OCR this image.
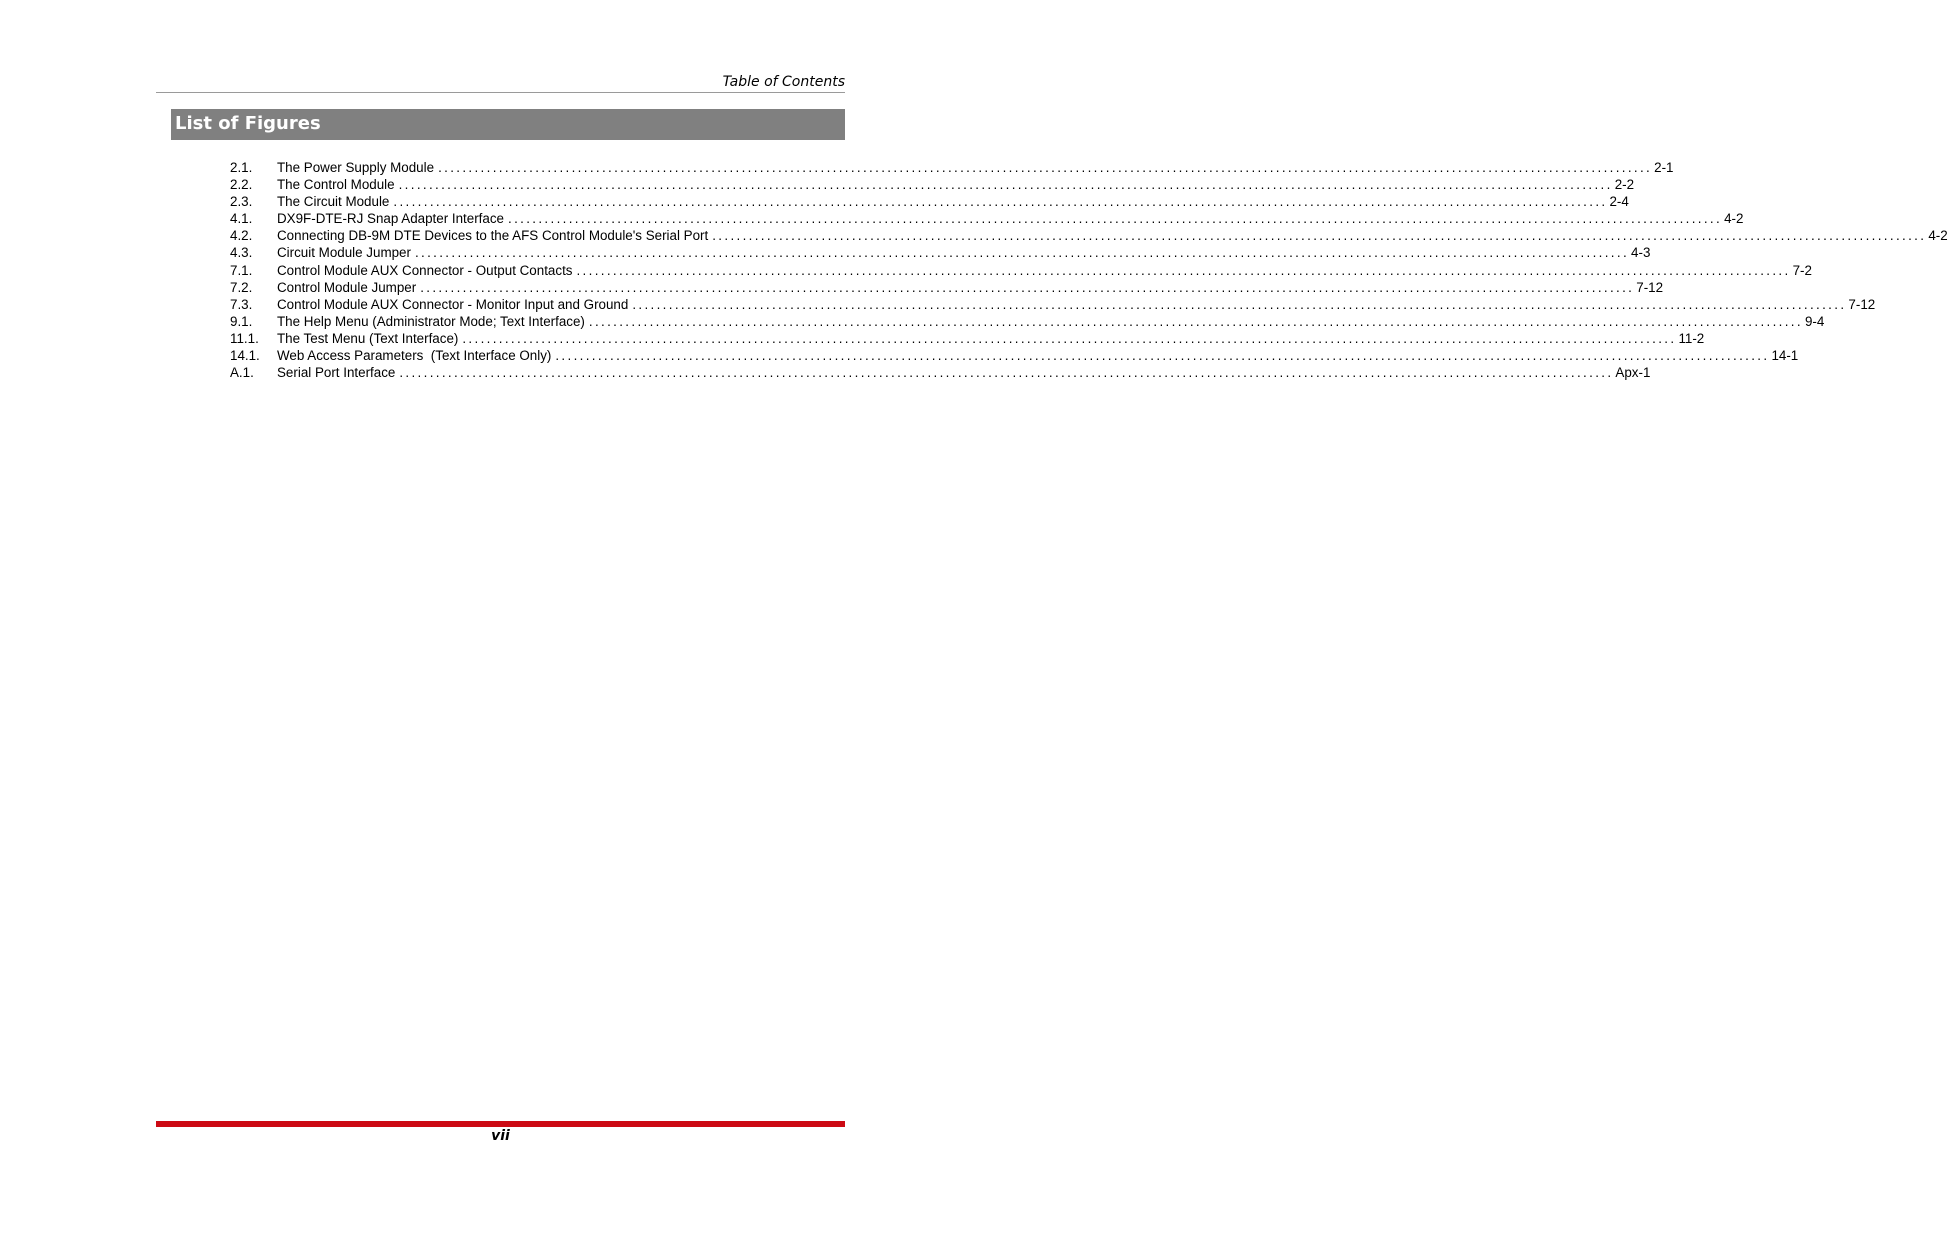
Table of Contents
List of Figures
2.1.	The Power Supply Module ........................................................................................................................................................................................................ 2-1
2.2.	The Control Module ........................................................................................................................................................................................................ 2-2
2.3.	The Circuit Module ........................................................................................................................................................................................................ 2-4
4.1.	DX9F-DTE-RJ Snap Adapter Interface ........................................................................................................................................................................................................ 4-2
4.2.	Connecting DB-9M DTE Devices to the AFS Control Module's Serial Port ........................................................................................................................................................................................................ 4-2
4.3.	Circuit Module Jumper ........................................................................................................................................................................................................ 4-3
7.1.	Control Module AUX Connector - Output Contacts ........................................................................................................................................................................................................ 7-2
7.2.	Control Module Jumper ........................................................................................................................................................................................................ 7-12
7.3.	Control Module AUX Connector - Monitor Input and Ground ........................................................................................................................................................................................................ 7-12
9.1.	The Help Menu (Administrator Mode; Text Interface) ........................................................................................................................................................................................................ 9-4
11.1.	The Test Menu (Text Interface) ........................................................................................................................................................................................................ 11-2
14.1.	Web Access Parameters  (Text Interface Only) ........................................................................................................................................................................................................ 14-1
A.1.	Serial Port Interface ........................................................................................................................................................................................................ Apx-1
vii
